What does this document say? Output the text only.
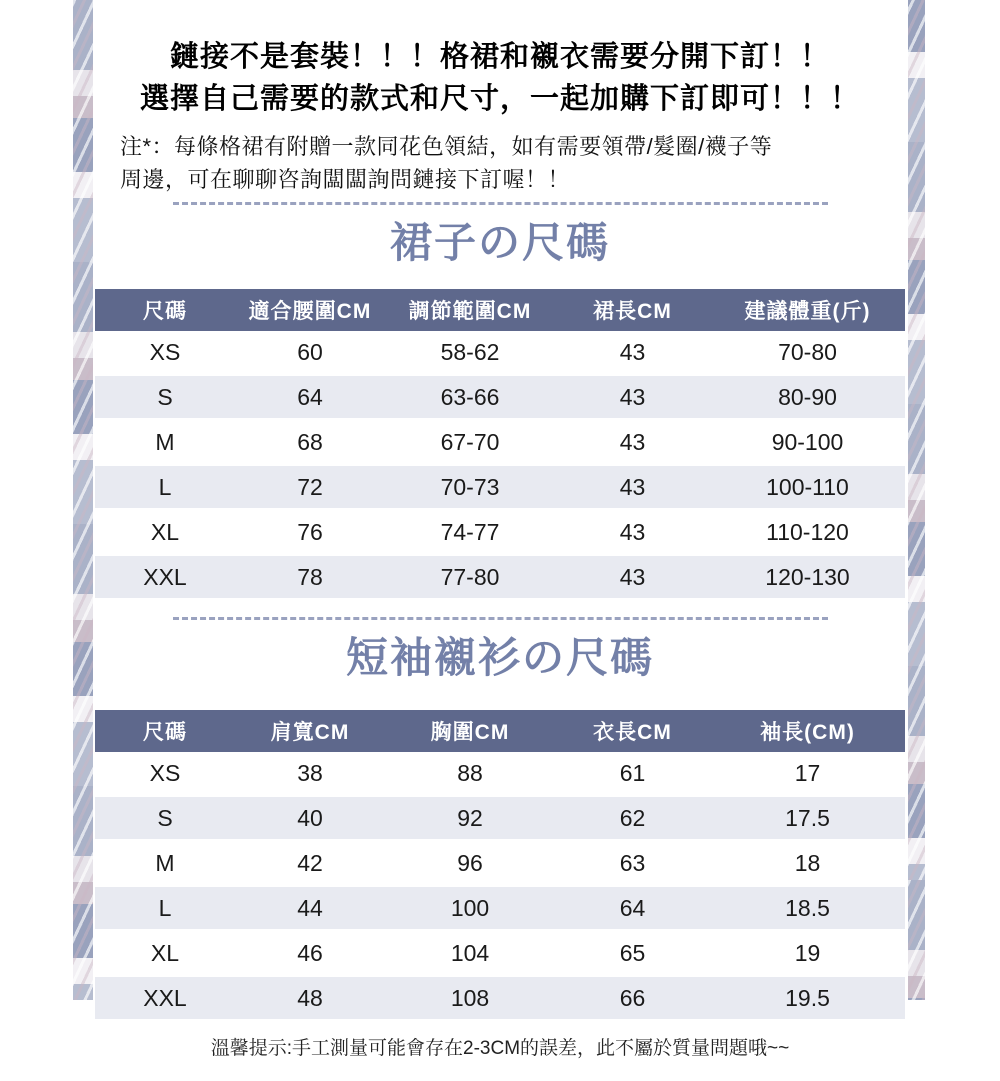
鏈接不是套裝！！！格裙和襯衣需要分開下訂！！

選擇自己需要的款式和尺寸，一起加購下訂即可！！！

注*：每條格裙有附贈一款同花色領結，如有需要領帶/髮圈/襪子等
周邊，可在聊聊咨詢闆闆詢問鏈接下訂喔！！

裙子の尺碼
尺碼	適合腰圍CM	調節範圍CM	裙長CM	建議體重(斤)
XS	60	58-62	43	70-80
S	64	63-66	43	80-90
M	68	67-70	43	90-100
L	72	70-73	43	100-110
XL	76	74-77	43	110-120
XXL	78	77-80	43	120-130
短袖襯衫の尺碼
尺碼	肩寬CM	胸圍CM	衣長CM	袖長(CM)
XS	38	88	61	17
S	40	92	62	17.5
M	42	96	63	18
L	44	100	64	18.5
XL	46	104	65	19
XXL	48	108	66	19.5

溫馨提示:手工測量可能會存在2-3CM的誤差，此不屬於質量問題哦~~
